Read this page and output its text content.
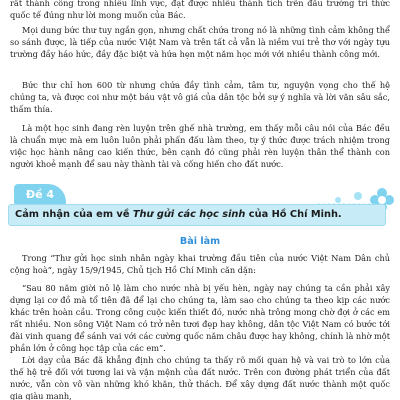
rất thành công trong nhiều lĩnh vực, đạt được nhiều thành tích trên đấu trường trí thức quốc tế đúng như lời mong muốn của Bác.

Mọi dung bức thư tuy ngắn gọn, nhưng chất chứa trong nó là những tình cảm không thể so sánh được, là tiếp của nước Việt Nam và trên tất cả vẫn là niềm vui trẻ thơ với ngày tựu trường đầy háo hức, đầy đặc biệt và hứa hẹn một năm học mới với nhiều thành công mới.

Bức thư chỉ hơn 600 từ nhưng chứa đầy tình cảm, tâm tư, nguyện vọng cho thế hệ chúng ta, và được coi như một báu vật vô giá của dân tộc bởi sự ý nghĩa và lời văn sâu sắc, thấm thía.

Là một học sinh đang rèn luyện trên ghế nhà trường, em thấy mỗi câu nói của Bác đều là chuẩn mực mà em luôn luôn phải phấn đấu làm theo, tự ý thức được trách nhiệm trong việc học hành nâng cao kiến thức, bên cạnh đó cũng phải rèn luyện thân thể thành con người khoẻ mạnh để sau này thành tài và cống hiến cho đất nước.

Đề 4
Cảm nhận của em về Thư gửi các học sinh của Hồ Chí Minh.
Bài làm

Trong “Thư gửi học sinh nhân ngày khai trường đầu tiên của nước Việt Nam Dân chủ cộng hoà”, ngày 15/9/1945, Chủ tịch Hồ Chí Minh căn dặn:

“Sau 80 năm giời nô lệ làm cho nước nhà bị yếu hèn, ngày nay chúng ta cần phải xây dựng lại cơ đồ mà tổ tiên đã để lại cho chúng ta, làm sao cho chúng ta theo kịp các nước khác trên hoàn cầu. Trong công cuộc kiến thiết đó, nước nhà trông mong chờ đợi ở các em rất nhiều. Non sông Việt Nam có trở nên tươi đẹp hay không, dân tộc Việt Nam có bước tới đài vinh quang để sánh vai với các cường quốc năm châu được hay không, chính là nhờ một phần lớn ở công học tập của các em”.

Lời dạy của Bác đã khẳng định cho chúng ta thấy rõ mối quan hệ và vai trò to lớn của thế hệ trẻ đối với tương lai và vận mệnh của đất nước. Trên con đường phát triển của đất nước, vẫn còn vô vàn những khó khăn, thử thách. Để xây dựng đất nước thành một quốc gia giàu mạnh,
